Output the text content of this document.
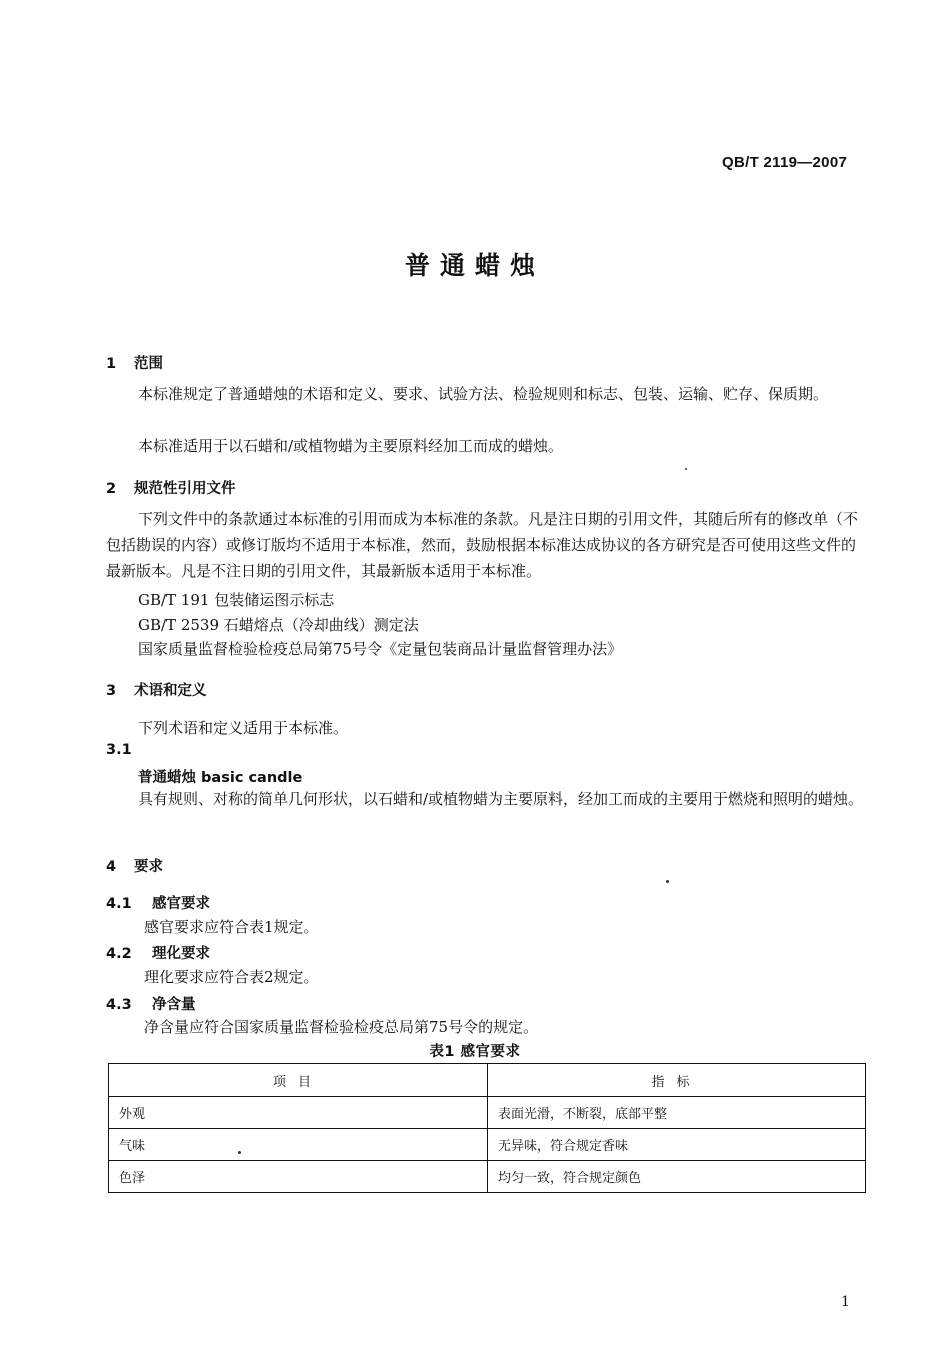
QB/T 2119—2007
普通蜡烛
1 范围
本标准规定了普通蜡烛的术语和定义、要求、试验方法、检验规则和标志、包装、运输、贮存、保质期。
本标准适用于以石蜡和/或植物蜡为主要原料经加工而成的蜡烛。
2 规范性引用文件
下列文件中的条款通过本标准的引用而成为本标准的条款。凡是注日期的引用文件，其随后所有的修改单（不包括勘误的内容）或修订版均不适用于本标准，然而，鼓励根据本标准达成协议的各方研究是否可使用这些文件的最新版本。凡是不注日期的引用文件，其最新版本适用于本标准。
GB/T 191 包装储运图示标志
GB/T 2539 石蜡熔点（冷却曲线）测定法
国家质量监督检验检疫总局第75号令《定量包装商品计量监督管理办法》
3 术语和定义
下列术语和定义适用于本标准。
3.1
普通蜡烛 basic candle
具有规则、对称的简单几何形状，以石蜡和/或植物蜡为主要原料，经加工而成的主要用于燃烧和照明的蜡烛。
4 要求
4.1 感官要求
感官要求应符合表1规定。
4.2 理化要求
理化要求应符合表2规定。
4.3 净含量
净含量应符合国家质量监督检验检疫总局第75号令的规定。
表1 感官要求
项目	指标
外观	表面光滑，不断裂，底部平整
气味	无异味，符合规定香味
色泽	均匀一致，符合规定颜色
1
